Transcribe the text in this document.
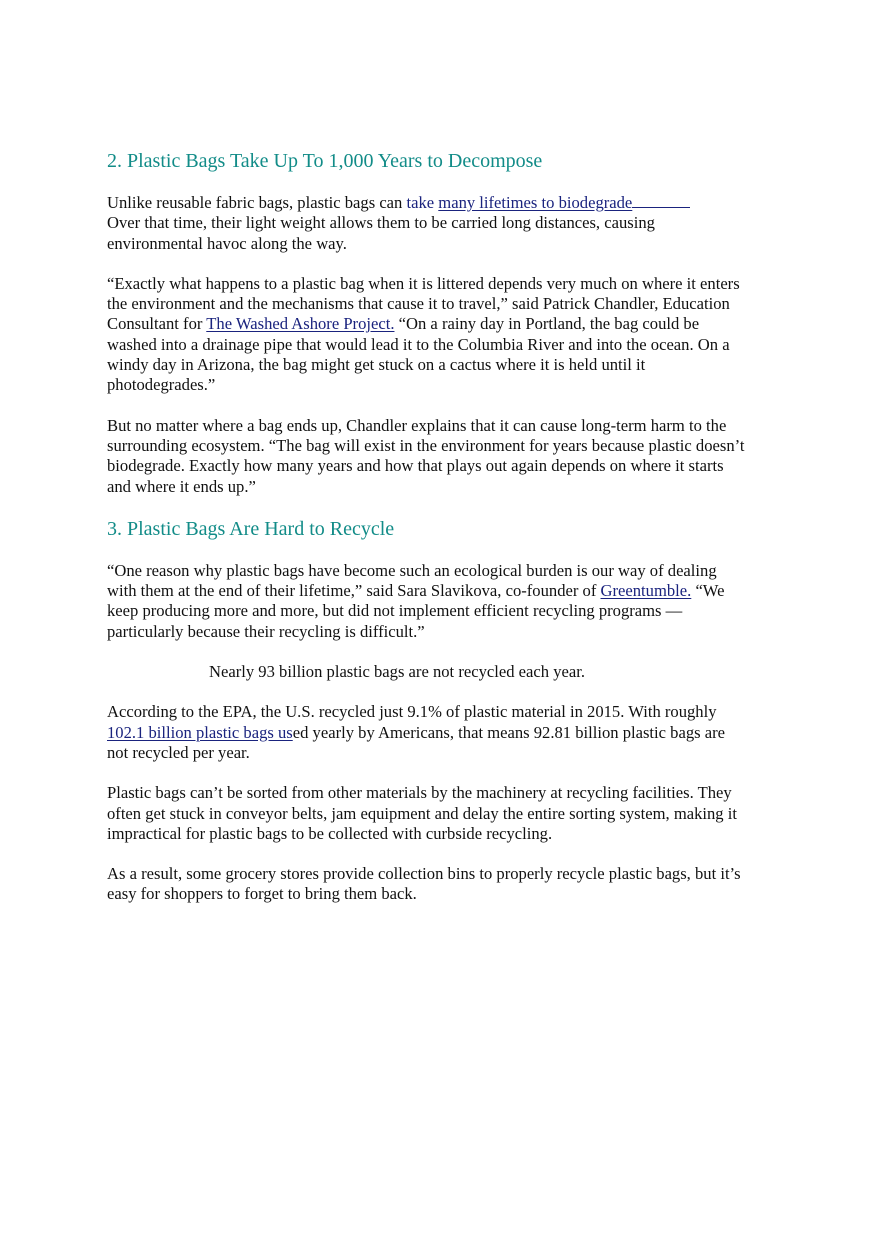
2. Plastic Bags Take Up To 1,000 Years to Decompose

Unlike reusable fabric bags, plastic bags can take many lifetimes to biodegrade
Over that time, their light weight allows them to be carried long distances, causing environmental havoc along the way.

“Exactly what happens to a plastic bag when it is littered depends very much on where it enters the environment and the mechanisms that cause it to travel,” said Patrick Chandler, Education Consultant for The Washed Ashore Project. “On a rainy day in Portland, the bag could be washed into a drainage pipe that would lead it to the Columbia River and into the ocean. On a windy day in Arizona, the bag might get stuck on a cactus where it is held until it photodegrades.”

But no matter where a bag ends up, Chandler explains that it can cause long-term harm to the surrounding ecosystem. “The bag will exist in the environment for years because plastic doesn’t biodegrade. Exactly how many years and how that plays out again depends on where it starts and where it ends up.”

3. Plastic Bags Are Hard to Recycle

“One reason why plastic bags have become such an ecological burden is our way of dealing with them at the end of their lifetime,” said Sara Slavikova, co-founder of Greentumble. “We keep producing more and more, but did not implement efficient recycling programs — particularly because their recycling is difficult.”

Nearly 93 billion plastic bags are not recycled each year.

According to the EPA, the U.S. recycled just 9.1% of plastic material in 2015. With roughly 102.1 billion plastic bags used yearly by Americans, that means 92.81 billion plastic bags are not recycled per year.

Plastic bags can’t be sorted from other materials by the machinery at recycling facilities. They often get stuck in conveyor belts, jam equipment and delay the entire sorting system, making it impractical for plastic bags to be collected with curbside recycling.

As a result, some grocery stores provide collection bins to properly recycle plastic bags, but it’s easy for shoppers to forget to bring them back.
